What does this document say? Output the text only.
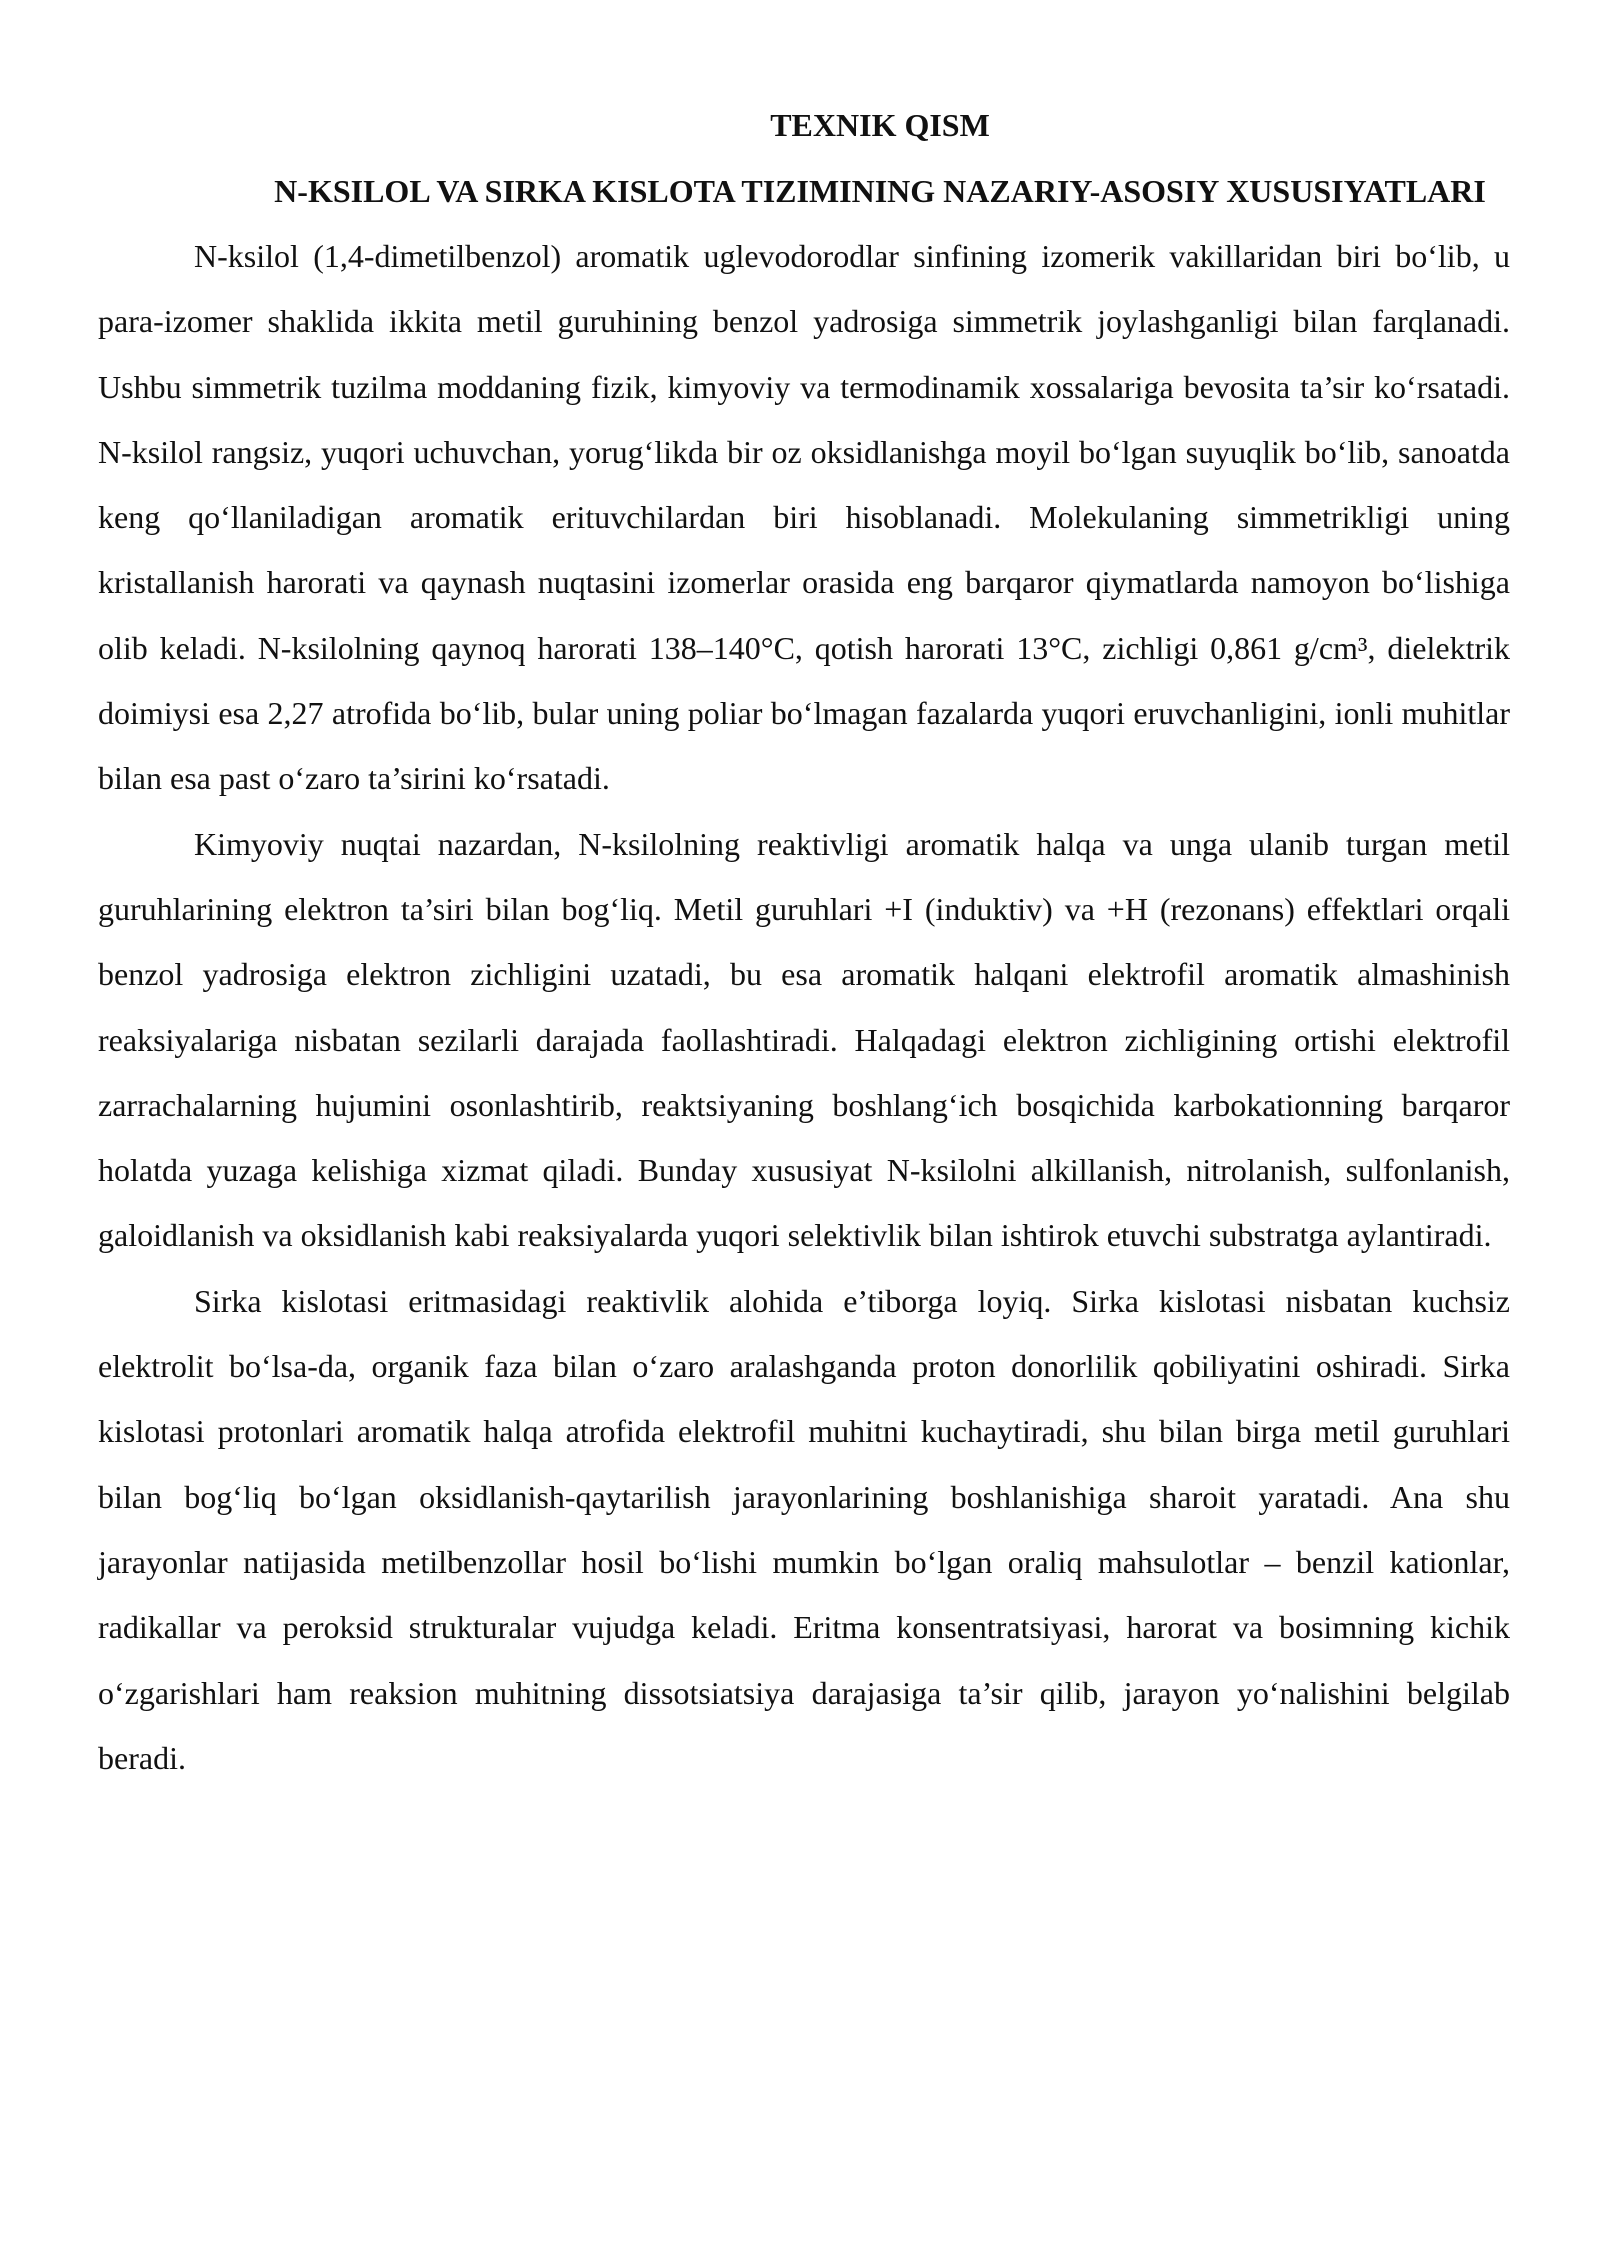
TEXNIK QISM
N-KSILOL VA SIRKA KISLOTA TIZIMINING NAZARIY-ASOSIY XUSUSIYATLARI

N-ksilol (1,4-dimetilbenzol) aromatik uglevodorodlar sinfining izomerik vakillaridan biri bo‘lib, u para-izomer shaklida ikkita metil guruhining benzol yadrosiga simmetrik joylashganligi bilan farqlanadi. Ushbu simmetrik tuzilma moddaning fizik, kimyoviy va termodinamik xossalariga bevosita ta’sir ko‘rsatadi. N-ksilol rangsiz, yuqori uchuvchan, yorug‘likda bir oz oksidlanishga moyil bo‘lgan suyuqlik bo‘lib, sanoatda keng qo‘llaniladigan aromatik erituvchilardan biri hisoblanadi. Molekulaning simmetrikligi uning kristallanish harorati va qaynash nuqtasini izomerlar orasida eng barqaror qiymatlarda namoyon bo‘lishiga olib keladi. N-ksilolning qaynoq harorati 138–140°C, qotish harorati 13°C, zichligi 0,861 g/cm³, dielektrik doimiysi esa 2,27 atrofida bo‘lib, bular uning poliar bo‘lmagan fazalarda yuqori eruvchanligini, ionli muhitlar bilan esa past o‘zaro ta’sirini ko‘rsatadi.

Kimyoviy nuqtai nazardan, N-ksilolning reaktivligi aromatik halqa va unga ulanib turgan metil guruhlarining elektron ta’siri bilan bog‘liq. Metil guruhlari +I (induktiv) va +H (rezonans) effektlari orqali benzol yadrosiga elektron zichligini uzatadi, bu esa aromatik halqani elektrofil aromatik almashinish reaksiyalariga nisbatan sezilarli darajada faollashtiradi. Halqadagi elektron zichligining ortishi elektrofil zarrachalarning hujumini osonlashtirib, reaktsiyaning boshlang‘ich bosqichida karbokationning barqaror holatda yuzaga kelishiga xizmat qiladi. Bunday xususiyat N-ksilolni alkillanish, nitrolanish, sulfonlanish, galoidlanish va oksidlanish kabi reaksiyalarda yuqori selektivlik bilan ishtirok etuvchi substratga aylantiradi.

Sirka kislotasi eritmasidagi reaktivlik alohida e’tiborga loyiq. Sirka kislotasi nisbatan kuchsiz elektrolit bo‘lsa-da, organik faza bilan o‘zaro aralashganda proton donorlilik qobiliyatini oshiradi. Sirka kislotasi protonlari aromatik halqa atrofida elektrofil muhitni kuchaytiradi, shu bilan birga metil guruhlari bilan bog‘liq bo‘lgan oksidlanish-qaytarilish jarayonlarining boshlanishiga sharoit yaratadi. Ana shu jarayonlar natijasida metilbenzollar hosil bo‘lishi mumkin bo‘lgan oraliq mahsulotlar – benzil kationlar, radikallar va peroksid strukturalar vujudga keladi. Eritma konsentratsiyasi, harorat va bosimning kichik o‘zgarishlari ham reaksion muhitning dissotsiatsiya darajasiga ta’sir qilib, jarayon yo‘nalishini belgilab beradi.
